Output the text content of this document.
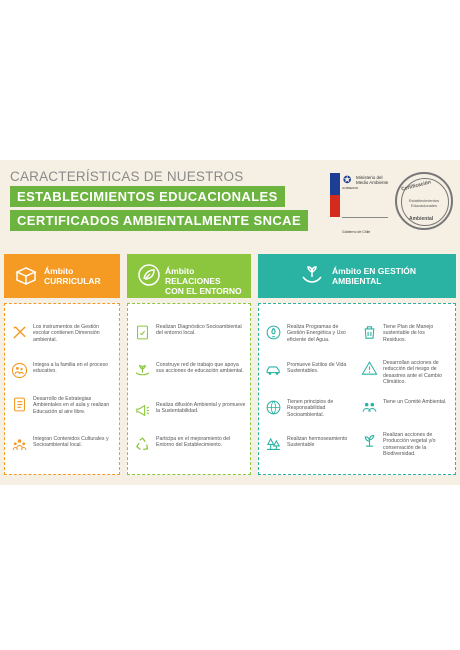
CARACTERÍSTICAS DE NUESTROS
ESTABLECIMIENTOS EDUCACIONALES
CERTIFICADOS AMBIENTALMENTE SNCAE
✪
GOBIERNO
Ministerio del Medio Ambiente
Gobierno de Chile
Certificación
Establecimientos Educacionales
Ambiental
Ámbito
CURRICULAR
Ámbito RELACIONES
CON EL ENTORNO
Ámbito EN GESTIÓN
AMBIENTAL
Los instrumentos de Gestión escolar contienen Dimensión ambiental.
Integra a la familia en el proceso educativo.
Desarrollo de Estrategias Ambientales en el aula y realizan Educación al aire libre.
Integran Contenidos Culturales y Socioambiental local.
Realizan Diagnóstico Socioambiental del entorno local.
Construye red de trabajo que apoya sus acciones de educación ambiental.
Realiza difusión Ambiental y promueve la Sustentabilidad.
Participa en el mejoramiento del Entorno del Establecimiento.
Realiza Programas de Gestión Energética y Uso eficiente del Agua.
Tiene Plan de Manejo sustentable de los Residuos.
Promueve Estilos de Vida Sustentables.
Desarrollan acciones de reducción del riesgo de desastres ante el Cambio Climático.
Tienen principios de Responsabilidad Socioambiental.
Tiene un Comité Ambiental.
Realizan hermoseamiento Sustentable
Realizan acciones de Producción vegetal y/o conservación de la Biodiversidad.
